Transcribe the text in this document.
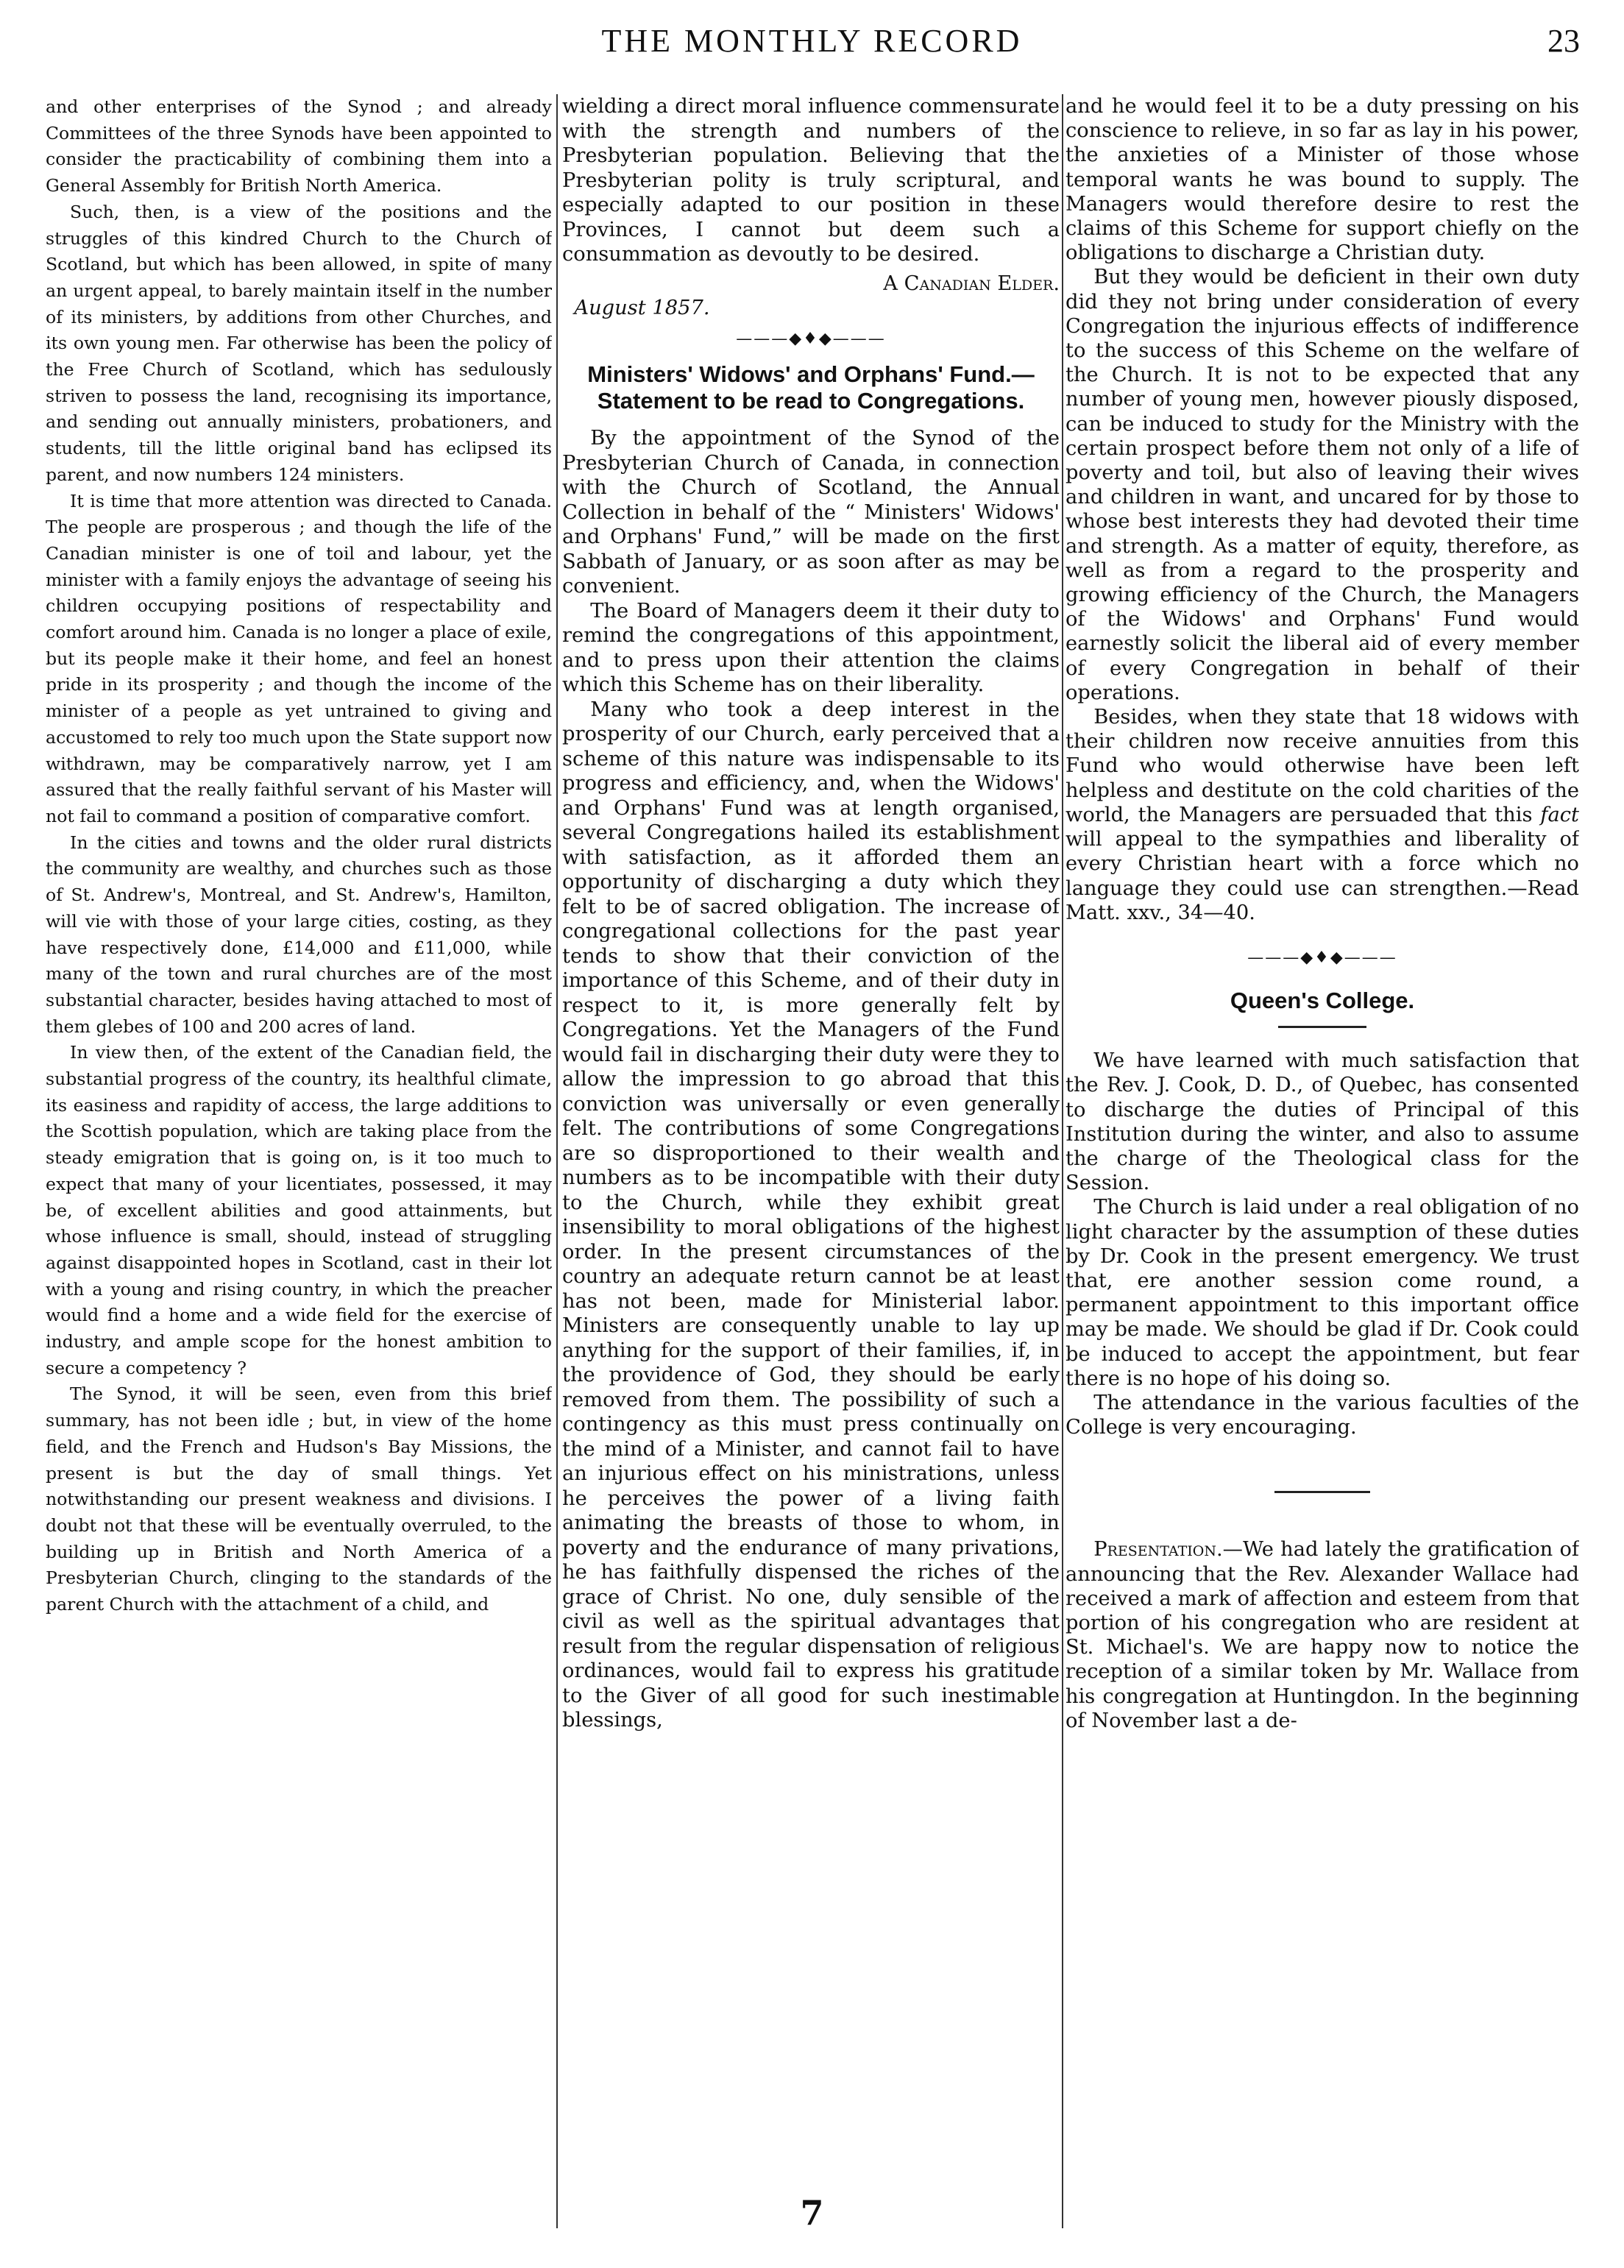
THE MONTHLY RECORD	23

and other enterprises of the Synod ; and already Committees of the three Synods have been appointed to consider the practicability of combining them into a General Assembly for British North America.

Such, then, is a view of the positions and the struggles of this kindred Church to the Church of Scotland, but which has been allowed, in spite of many an urgent appeal, to barely maintain itself in the number of its ministers, by additions from other Churches, and its own young men. Far otherwise has been the policy of the Free Church of Scotland, which has sedulously striven to possess the land, recognising its importance, and sending out annually ministers, probationers, and students, till the little original band has eclipsed its parent, and now numbers 124 ministers.

It is time that more attention was directed to Canada. The people are prosperous ; and though the life of the Canadian minister is one of toil and labour, yet the minister with a family enjoys the advantage of seeing his children occupying positions of respectability and comfort around him. Canada is no longer a place of exile, but its people make it their home, and feel an honest pride in its prosperity ; and though the income of the minister of a people as yet untrained to giving and accustomed to rely too much upon the State support now withdrawn, may be comparatively narrow, yet I am assured that the really faithful servant of his Master will not fail to command a position of comparative comfort.

In the cities and towns and the older rural districts the community are wealthy, and churches such as those of St. Andrew's, Montreal, and St. Andrew's, Hamilton, will vie with those of your large cities, costing, as they have respectively done, £14,000 and £11,000, while many of the town and rural churches are of the most substantial character, besides having attached to most of them glebes of 100 and 200 acres of land.

In view then, of the extent of the Canadian field, the substantial progress of the country, its healthful climate, its easiness and rapidity of access, the large additions to the Scottish population, which are taking place from the steady emigration that is going on, is it too much to expect that many of your licentiates, possessed, it may be, of excellent abilities and good attainments, but whose influence is small, should, instead of struggling against disappointed hopes in Scotland, cast in their lot with a young and rising country, in which the preacher would find a home and a wide field for the exercise of industry, and ample scope for the honest ambition to secure a competency ?

The Synod, it will be seen, even from this brief summary, has not been idle ; but, in view of the home field, and the French and Hudson's Bay Missions, the present is but the day of small things. Yet notwithstanding our present weakness and divisions. I doubt not that these will be eventually overruled, to the building up in British and North America of a Presbyterian Church, clinging to the standards of the parent Church with the attachment of a child, and

wielding a direct moral influence commensurate with the strength and numbers of the Presbyterian population. Believing that the Presbyterian polity is truly scriptural, and especially adapted to our position in these Provinces, I cannot but deem such a consummation as devoutly to be desired.

A Canadian Elder.
August 1857.
———◆♦◆———
Ministers' Widows' and Orphans' Fund.—Statement to be read to Congregations.

By the appointment of the Synod of the Presbyterian Church of Canada, in connection with the Church of Scotland, the Annual Collection in behalf of the “ Ministers' Widows' and Orphans' Fund,” will be made on the first Sabbath of January, or as soon after as may be convenient.

The Board of Managers deem it their duty to remind the congregations of this appointment, and to press upon their attention the claims which this Scheme has on their liberality.

Many who took a deep interest in the prosperity of our Church, early perceived that a scheme of this nature was indispensable to its progress and efficiency, and, when the Widows' and Orphans' Fund was at length organised, several Congregations hailed its establishment with satisfaction, as it afforded them an opportunity of discharging a duty which they felt to be of sacred obligation. The increase of congregational collections for the past year tends to show that their conviction of the importance of this Scheme, and of their duty in respect to it, is more generally felt by Congregations. Yet the Managers of the Fund would fail in discharging their duty were they to allow the impression to go abroad that this conviction was universally or even generally felt. The contributions of some Congregations are so disproportioned to their wealth and numbers as to be incompatible with their duty to the Church, while they exhibit great insensibility to moral obligations of the highest order. In the present circumstances of the country an adequate return cannot be at least has not been, made for Ministerial labor. Ministers are consequently unable to lay up anything for the support of their families, if, in the providence of God, they should be early removed from them. The possibility of such a contingency as this must press continually on the mind of a Minister, and cannot fail to have an injurious effect on his ministrations, unless he perceives the power of a living faith animating the breasts of those to whom, in poverty and the endurance of many privations, he has faithfully dispensed the riches of the grace of Christ. No one, duly sensible of the civil as well as the spiritual advantages that result from the regular dispensation of religious ordinances, would fail to express his gratitude to the Giver of all good for such inestimable blessings,

and he would feel it to be a duty pressing on his conscience to relieve, in so far as lay in his power, the anxieties of a Minister of those whose temporal wants he was bound to supply. The Managers would therefore desire to rest the claims of this Scheme for support chiefly on the obligations to discharge a Christian duty.

But they would be deficient in their own duty did they not bring under consideration of every Congregation the injurious effects of indifference to the success of this Scheme on the welfare of the Church. It is not to be expected that any number of young men, however piously disposed, can be induced to study for the Ministry with the certain prospect before them not only of a life of poverty and toil, but also of leaving their wives and children in want, and uncared for by those to whose best interests they had devoted their time and strength. As a matter of equity, therefore, as well as from a regard to the prosperity and growing efficiency of the Church, the Managers of the Widows' and Orphans' Fund would earnestly solicit the liberal aid of every member of every Congregation in behalf of their operations.

Besides, when they state that 18 widows with their children now receive annuities from this Fund who would otherwise have been left helpless and destitute on the cold charities of the world, the Managers are persuaded that this fact will appeal to the sympathies and liberality of every Christian heart with a force which no language they could use can strengthen.—Read Matt. xxv., 34—40.

———◆♦◆———
Queen's College.

We have learned with much satisfaction that the Rev. J. Cook, D. D., of Quebec, has consented to discharge the duties of Principal of this Institution during the winter, and also to assume the charge of the Theological class for the Session.

The Church is laid under a real obligation of no light character by the assumption of these duties by Dr. Cook in the present emergency. We trust that, ere another session come round, a permanent appointment to this important office may be made. We should be glad if Dr. Cook could be induced to accept the appointment, but fear there is no hope of his doing so.

The attendance in the various faculties of the College is very encouraging.

Presentation.—We had lately the gratification of announcing that the Rev. Alexander Wallace had received a mark of affection and esteem from that portion of his congregation who are resident at St. Michael's. We are happy now to notice the reception of a similar token by Mr. Wallace from his congregation at Huntingdon. In the beginning of November last a de-

7
